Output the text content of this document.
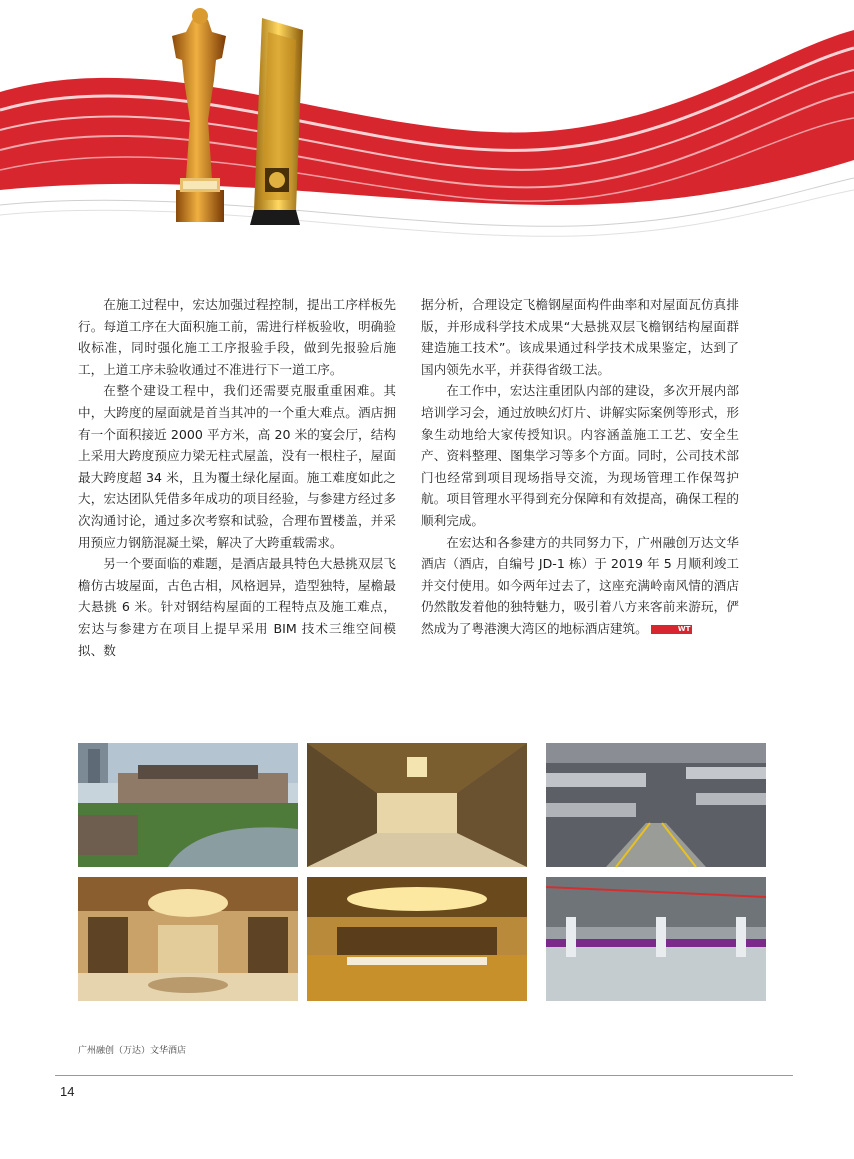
在施工过程中，宏达加强过程控制，提出工序样板先行。每道工序在大面积施工前，需进行样板验收，明确验收标准，同时强化施工工序报验手段，做到先报验后施工，上道工序未验收通过不准进行下一道工序。

在整个建设工程中，我们还需要克服重重困难。其中，大跨度的屋面就是首当其冲的一个重大难点。酒店拥有一个面积接近 2000 平方米，高 20 米的宴会厅，结构上采用大跨度预应力梁无柱式屋盖，没有一根柱子，屋面最大跨度超 34 米，且为覆土绿化屋面。施工难度如此之大，宏达团队凭借多年成功的项目经验，与参建方经过多次沟通讨论，通过多次考察和试验，合理布置楼盖，并采用预应力钢筋混凝土梁，解决了大跨重载需求。

另一个要面临的难题，是酒店最具特色大悬挑双层飞檐仿古坡屋面，古色古相，风格迥异，造型独特，屋檐最大悬挑 6 米。针对钢结构屋面的工程特点及施工难点，宏达与参建方在项目上提早采用 BIM 技术三维空间模拟、数

据分析，合理设定飞檐钢屋面构件曲率和对屋面瓦仿真排版，并形成科学技术成果“大悬挑双层飞檐钢结构屋面群建造施工技术”。该成果通过科学技术成果鉴定，达到了国内领先水平，并获得省级工法。

在工作中，宏达注重团队内部的建设，多次开展内部培训学习会，通过放映幻灯片、讲解实际案例等形式，形象生动地给大家传授知识。内容涵盖施工工艺、安全生产、资料整理、图集学习等多个方面。同时，公司技术部门也经常到项目现场指导交流，为现场管理工作保驾护航。项目管理水平得到充分保障和有效提高，确保工程的顺利完成。

在宏达和各参建方的共同努力下，广州融创万达文华酒店（酒店，自编号 JD-1 栋）于 2019 年 5 月顺利竣工并交付使用。如今两年过去了，这座充满岭南风情的酒店仍然散发着他的独特魅力，吸引着八方来客前来游玩，俨然成为了粤港澳大湾区的地标酒店建筑。	WT

广州融创（万达）文华酒店
14
